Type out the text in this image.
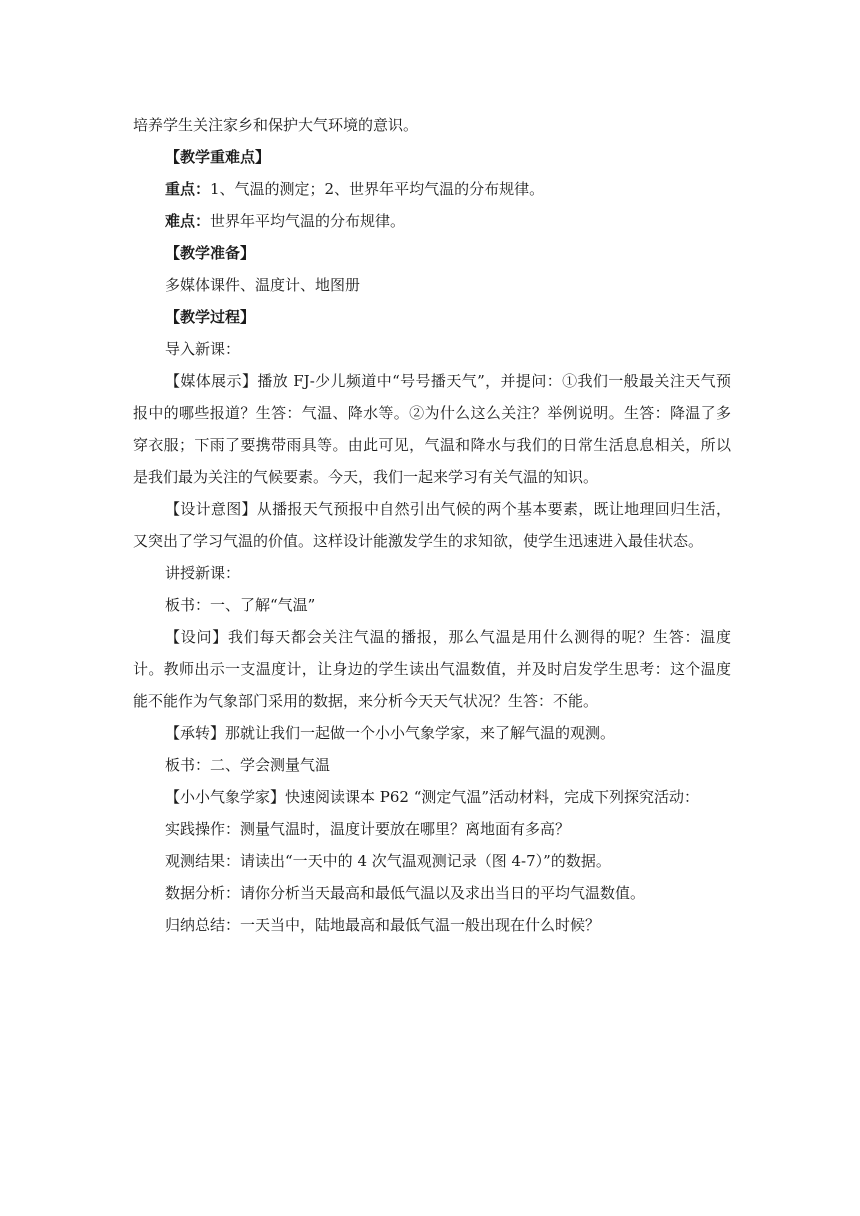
培养学生关注家乡和保护大气环境的意识。

【教学重难点】

重点：1、气温的测定；2、世界年平均气温的分布规律。

难点：世界年平均气温的分布规律。

【教学准备】

多媒体课件、温度计、地图册

【教学过程】

导入新课：

【媒体展示】播放 FJ-少儿频道中“号号播天气”，并提问：①我们一般最关注天气预报中的哪些报道？生答：气温、降水等。②为什么这么关注？举例说明。生答：降温了多穿衣服；下雨了要携带雨具等。由此可见，气温和降水与我们的日常生活息息相关，所以是我们最为关注的气候要素。今天，我们一起来学习有关气温的知识。

【设计意图】从播报天气预报中自然引出气候的两个基本要素，既让地理回归生活，又突出了学习气温的价值。这样设计能激发学生的求知欲，使学生迅速进入最佳状态。

讲授新课：

板书：一、了解“气温”

【设问】我们每天都会关注气温的播报，那么气温是用什么测得的呢？生答：温度计。教师出示一支温度计，让身边的学生读出气温数值，并及时启发学生思考：这个温度能不能作为气象部门采用的数据，来分析今天天气状况？生答：不能。

【承转】那就让我们一起做一个小小气象学家，来了解气温的观测。

板书：二、学会测量气温

【小小气象学家】快速阅读课本 P62 “测定气温”活动材料，完成下列探究活动：

实践操作：测量气温时，温度计要放在哪里？离地面有多高？

观测结果：请读出“一天中的 4 次气温观测记录（图 4-7）”的数据。

数据分析：请你分析当天最高和最低气温以及求出当日的平均气温数值。

归纳总结：一天当中，陆地最高和最低气温一般出现在什么时候？
